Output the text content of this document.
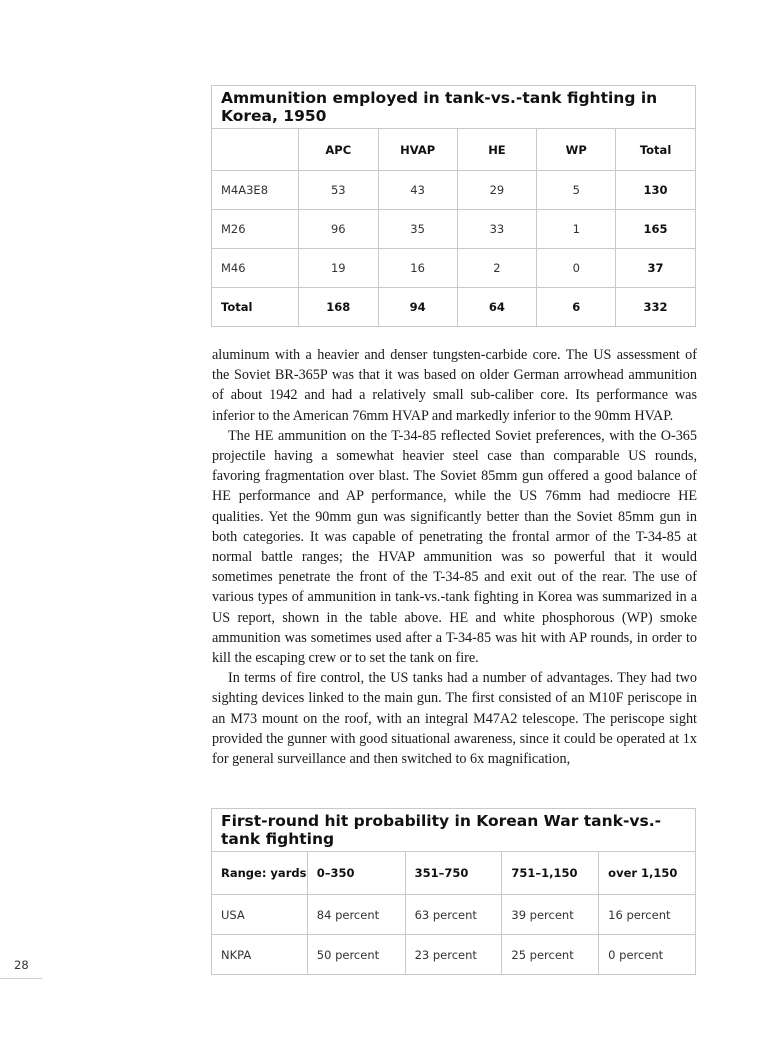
Ammunition employed in tank-vs.-tank fighting in Korea, 1950					
	APC	HVAP	HE	WP	Total
M4A3E8	53	43	29	5	130
M26	96	35	33	1	165
M46	19	16	2	0	37
Total	168	94	64	6	332

aluminum with a heavier and denser tungsten-carbide core. The US assessment of the Soviet BR-365P was that it was based on older German arrowhead ammunition of about 1942 and had a relatively small sub-caliber core. Its performance was inferior to the American 76mm HVAP and markedly inferior to the 90mm HVAP.

The HE ammunition on the T-34-85 reflected Soviet preferences, with the O-365 projectile having a somewhat heavier steel case than comparable US rounds, favoring fragmentation over blast. The Soviet 85mm gun offered a good balance of HE performance and AP performance, while the US 76mm had mediocre HE qualities. Yet the 90mm gun was significantly better than the Soviet 85mm gun in both categories. It was capable of penetrating the frontal armor of the T-34-85 at normal battle ranges; the HVAP ammunition was so powerful that it would sometimes penetrate the front of the T-34-85 and exit out of the rear. The use of various types of ammunition in tank-vs.-tank fighting in Korea was summarized in a US report, shown in the table above. HE and white phosphorous (WP) smoke ammunition was sometimes used after a T-34-85 was hit with AP rounds, in order to kill the escaping crew or to set the tank on fire.

In terms of fire control, the US tanks had a number of advantages. They had two sighting devices linked to the main gun. The first consisted of an M10F periscope in an M73 mount on the roof, with an integral M47A2 telescope. The periscope sight provided the gunner with good situational awareness, since it could be operated at 1x for general surveillance and then switched to 6x magnification,

First-round hit probability in Korean War tank-vs.-tank fighting				
Range: yards	0–350	351–750	751–1,150	over 1,150
USA	84 percent	63 percent	39 percent	16 percent
NKPA	50 percent	23 percent	25 percent	0 percent
28
